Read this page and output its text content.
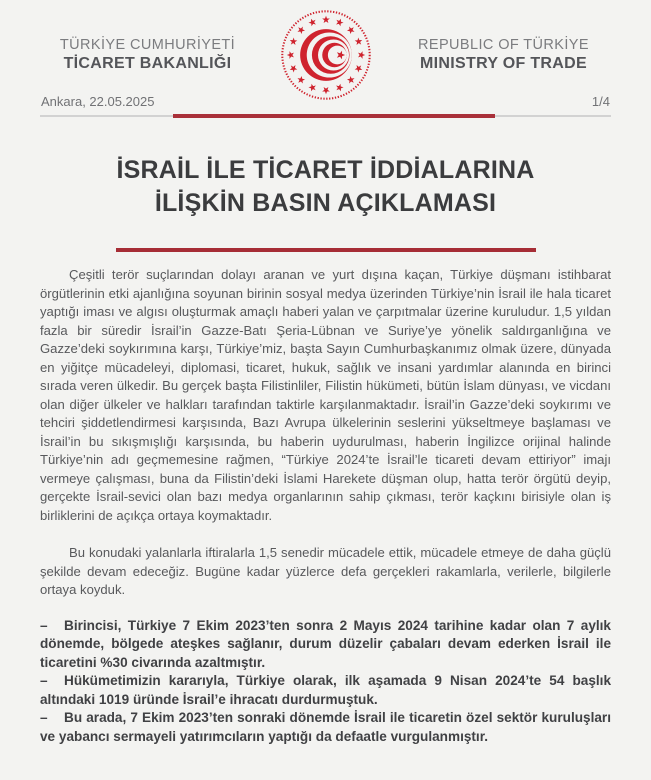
TÜRKİYE CUMHURİYETİ
TİCARET BAKANLIĞI
REPUBLIC OF TÜRKİYE
MINISTRY OF TRADE
Ankara, 22.05.2025	1/4
İSRAİL İLE TİCARET İDDİALARINA
İLİŞKİN BASIN AÇIKLAMASI

Çeşitli terör suçlarından dolayı aranan ve yurt dışına kaçan, Türkiye düşmanı istihbarat örgütlerinin etki ajanlığına soyunan birinin sosyal medya üzerinden Türkiye’nin İsrail ile hala ticaret yaptığı iması ve algısı oluşturmak amaçlı haberi yalan ve çarpıtmalar üzerine kuruludur. 1,5 yıldan fazla bir süredir İsrail’in Gazze-Batı Şeria-Lübnan ve Suriye’ye yönelik saldırganlığına ve Gazze’deki soykırımına karşı, Türkiye’miz, başta Sayın Cumhurbaşkanımız olmak üzere, dünyada en yiğitçe mücadeleyi, diplomasi, ticaret, hukuk, sağlık ve insani yardımlar alanında en birinci sırada veren ülkedir. Bu gerçek başta Filistinliler, Filistin hükümeti, bütün İslam dünyası, ve vicdanı olan diğer ülkeler ve halkları tarafından taktirle karşılanmaktadır. İsrail’in Gazze’deki soykırımı ve tehciri şiddetlendirmesi karşısında, Bazı Avrupa ülkelerinin seslerini yükseltmeye başlaması ve İsrail’in bu sıkışmışlığı karşısında, bu haberin uydurulması, haberin İngilizce orijinal halinde Türkiye’nin adı geçmemesine rağmen, “Türkiye 2024’te İsrail’le ticareti devam ettiriyor” imajı vermeye çalışması, buna da Filistin’deki İslami Harekete düşman olup, hatta terör örgütü deyip, gerçekte İsrail-sevici olan bazı medya organlarının sahip çıkması, terör kaçkını birisiyle olan iş birliklerini de açıkça ortaya koymaktadır.

Bu konudaki yalanlarla iftiralarla 1,5 senedir mücadele ettik, mücadele etmeye de daha güçlü şekilde devam edeceğiz. Bugüne kadar yüzlerce defa gerçekleri rakamlarla, verilerle, bilgilerle ortaya koyduk.

– Birincisi, Türkiye 7 Ekim 2023’ten sonra 2 Mayıs 2024 tarihine kadar olan 7 aylık dönemde, bölgede ateşkes sağlanır, durum düzelir çabaları devam ederken İsrail ile ticaretini %30 civarında azaltmıştır.

– Hükümetimizin kararıyla, Türkiye olarak, ilk aşamada 9 Nisan 2024’te 54 başlık altındaki 1019 üründe İsrail’e ihracatı durdurmuştuk.

– Bu arada, 7 Ekim 2023’ten sonraki dönemde İsrail ile ticaretin özel sektör kuruluşları ve yabancı sermayeli yatırımcıların yaptığı da defaatle vurgulanmıştır.
